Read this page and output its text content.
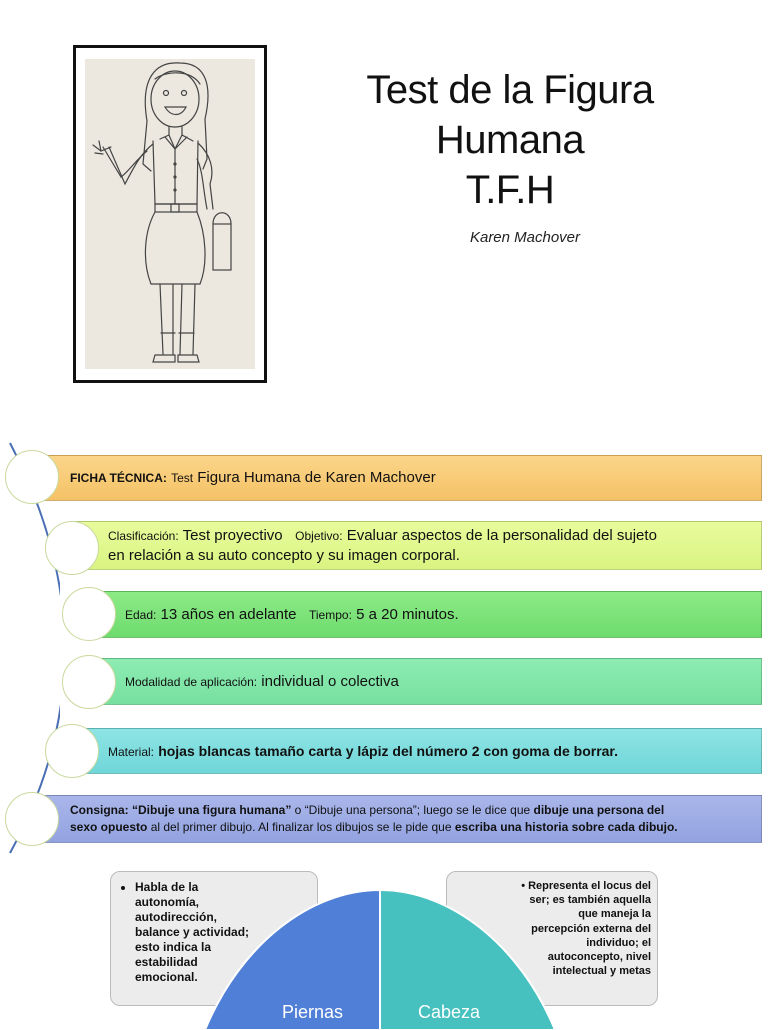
Test de la Figura
Humana
T.F.H
Karen Machover
FICHA TÉCNICA: Test Figura Humana de Karen Machover
Clasificación: Test proyectivo Objetivo: Evaluar aspectos de la personalidad del sujeto
en relación a su auto concepto y su imagen corporal.
Edad: 13 años en adelante Tiempo: 5 a 20 minutos.
Modalidad de aplicación: individual o colectiva
Material: hojas blancas tamaño carta y lápiz del número 2 con goma de borrar.
Consigna: “Dibuje una figura humana” o “Dibuje una persona”; luego se le dice que dibuje una persona del
sexo opuesto al del primer dibujo. Al finalizar los dibujos se le pide que escriba una historia sobre cada dibujo.
• Habla de la autonomía, autodirección, balance y actividad; esto indica la estabilidad emocional.
• Representa el locus del
ser; es también aquella
que maneja la
percepción externa del
individuo; el
autoconcepto, nivel
intelectual y metas
Piernas	Cabeza
